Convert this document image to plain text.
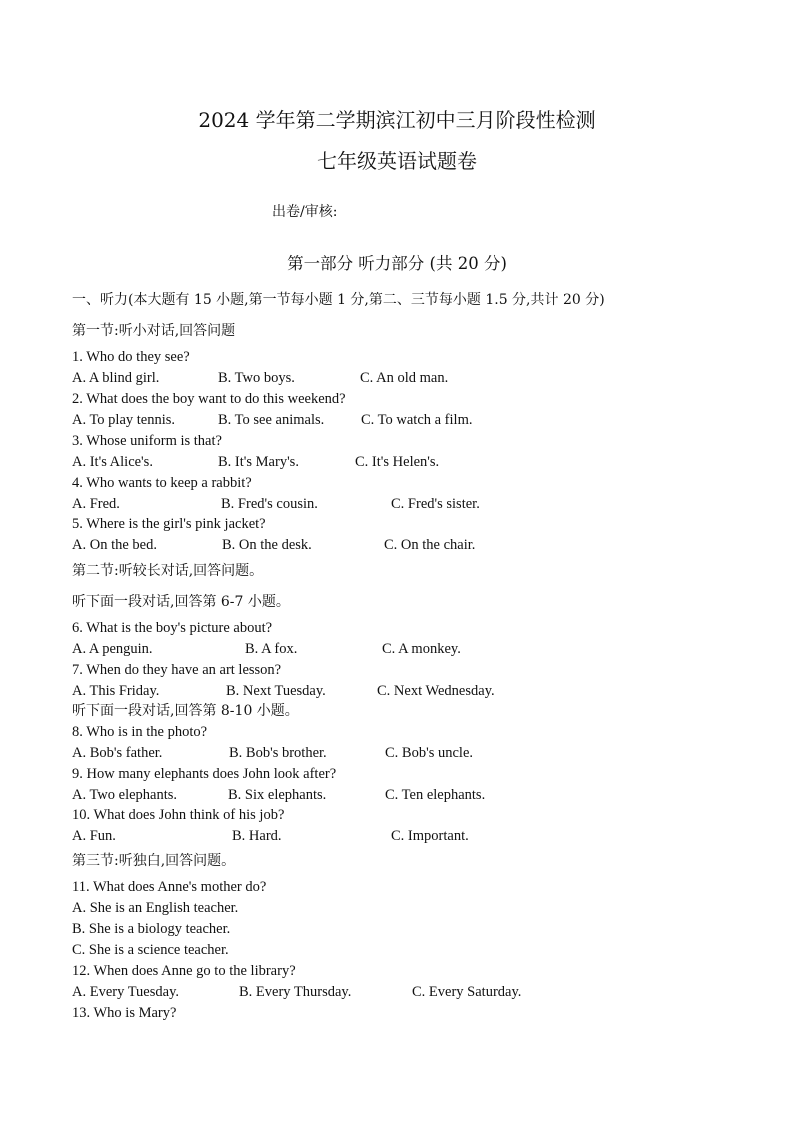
2024 学年第二学期滨江初中三月阶段性检测
七年级英语试题卷
出卷/审核:
第一部分 听力部分 (共 20 分)
一、听力(本大题有 15 小题,第一节每小题 1 分,第二、三节每小题 1.5 分,共计 20 分)
第一节:听小对话,回答问题
1. Who do they see?
A. A blind girl.	B. Two boys.	C. An old man.
2. What does the boy want to do this weekend?
A. To play tennis.	B. To see animals.	C. To watch a film.
3. Whose uniform is that?
A. It's Alice's.	B. It's Mary's.	C. It's Helen's.
4. Who wants to keep a rabbit?
A. Fred.	B. Fred's cousin.	C. Fred's sister.
5. Where is the girl's pink jacket?
A. On the bed.	B. On the desk.	C. On the chair.
第二节:听较长对话,回答问题。
听下面一段对话,回答第 6-7 小题。
6. What is the boy's picture about?
A. A penguin.	B. A fox.	C. A monkey.
7. When do they have an art lesson?
A. This Friday.	B. Next Tuesday.	C. Next Wednesday.
听下面一段对话,回答第 8-10 小题。
8. Who is in the photo?
A. Bob's father.	B. Bob's brother.	C. Bob's uncle.
9. How many elephants does John look after?
A. Two elephants.	B. Six elephants.	C. Ten elephants.
10. What does John think of his job?
A. Fun.	B. Hard.	C. Important.
第三节:听独白,回答问题。
11. What does Anne's mother do?
A. She is an English teacher.
B. She is a biology teacher.
C. She is a science teacher.
12. When does Anne go to the library?
A. Every Tuesday.	B. Every Thursday.	C. Every Saturday.
13. Who is Mary?
